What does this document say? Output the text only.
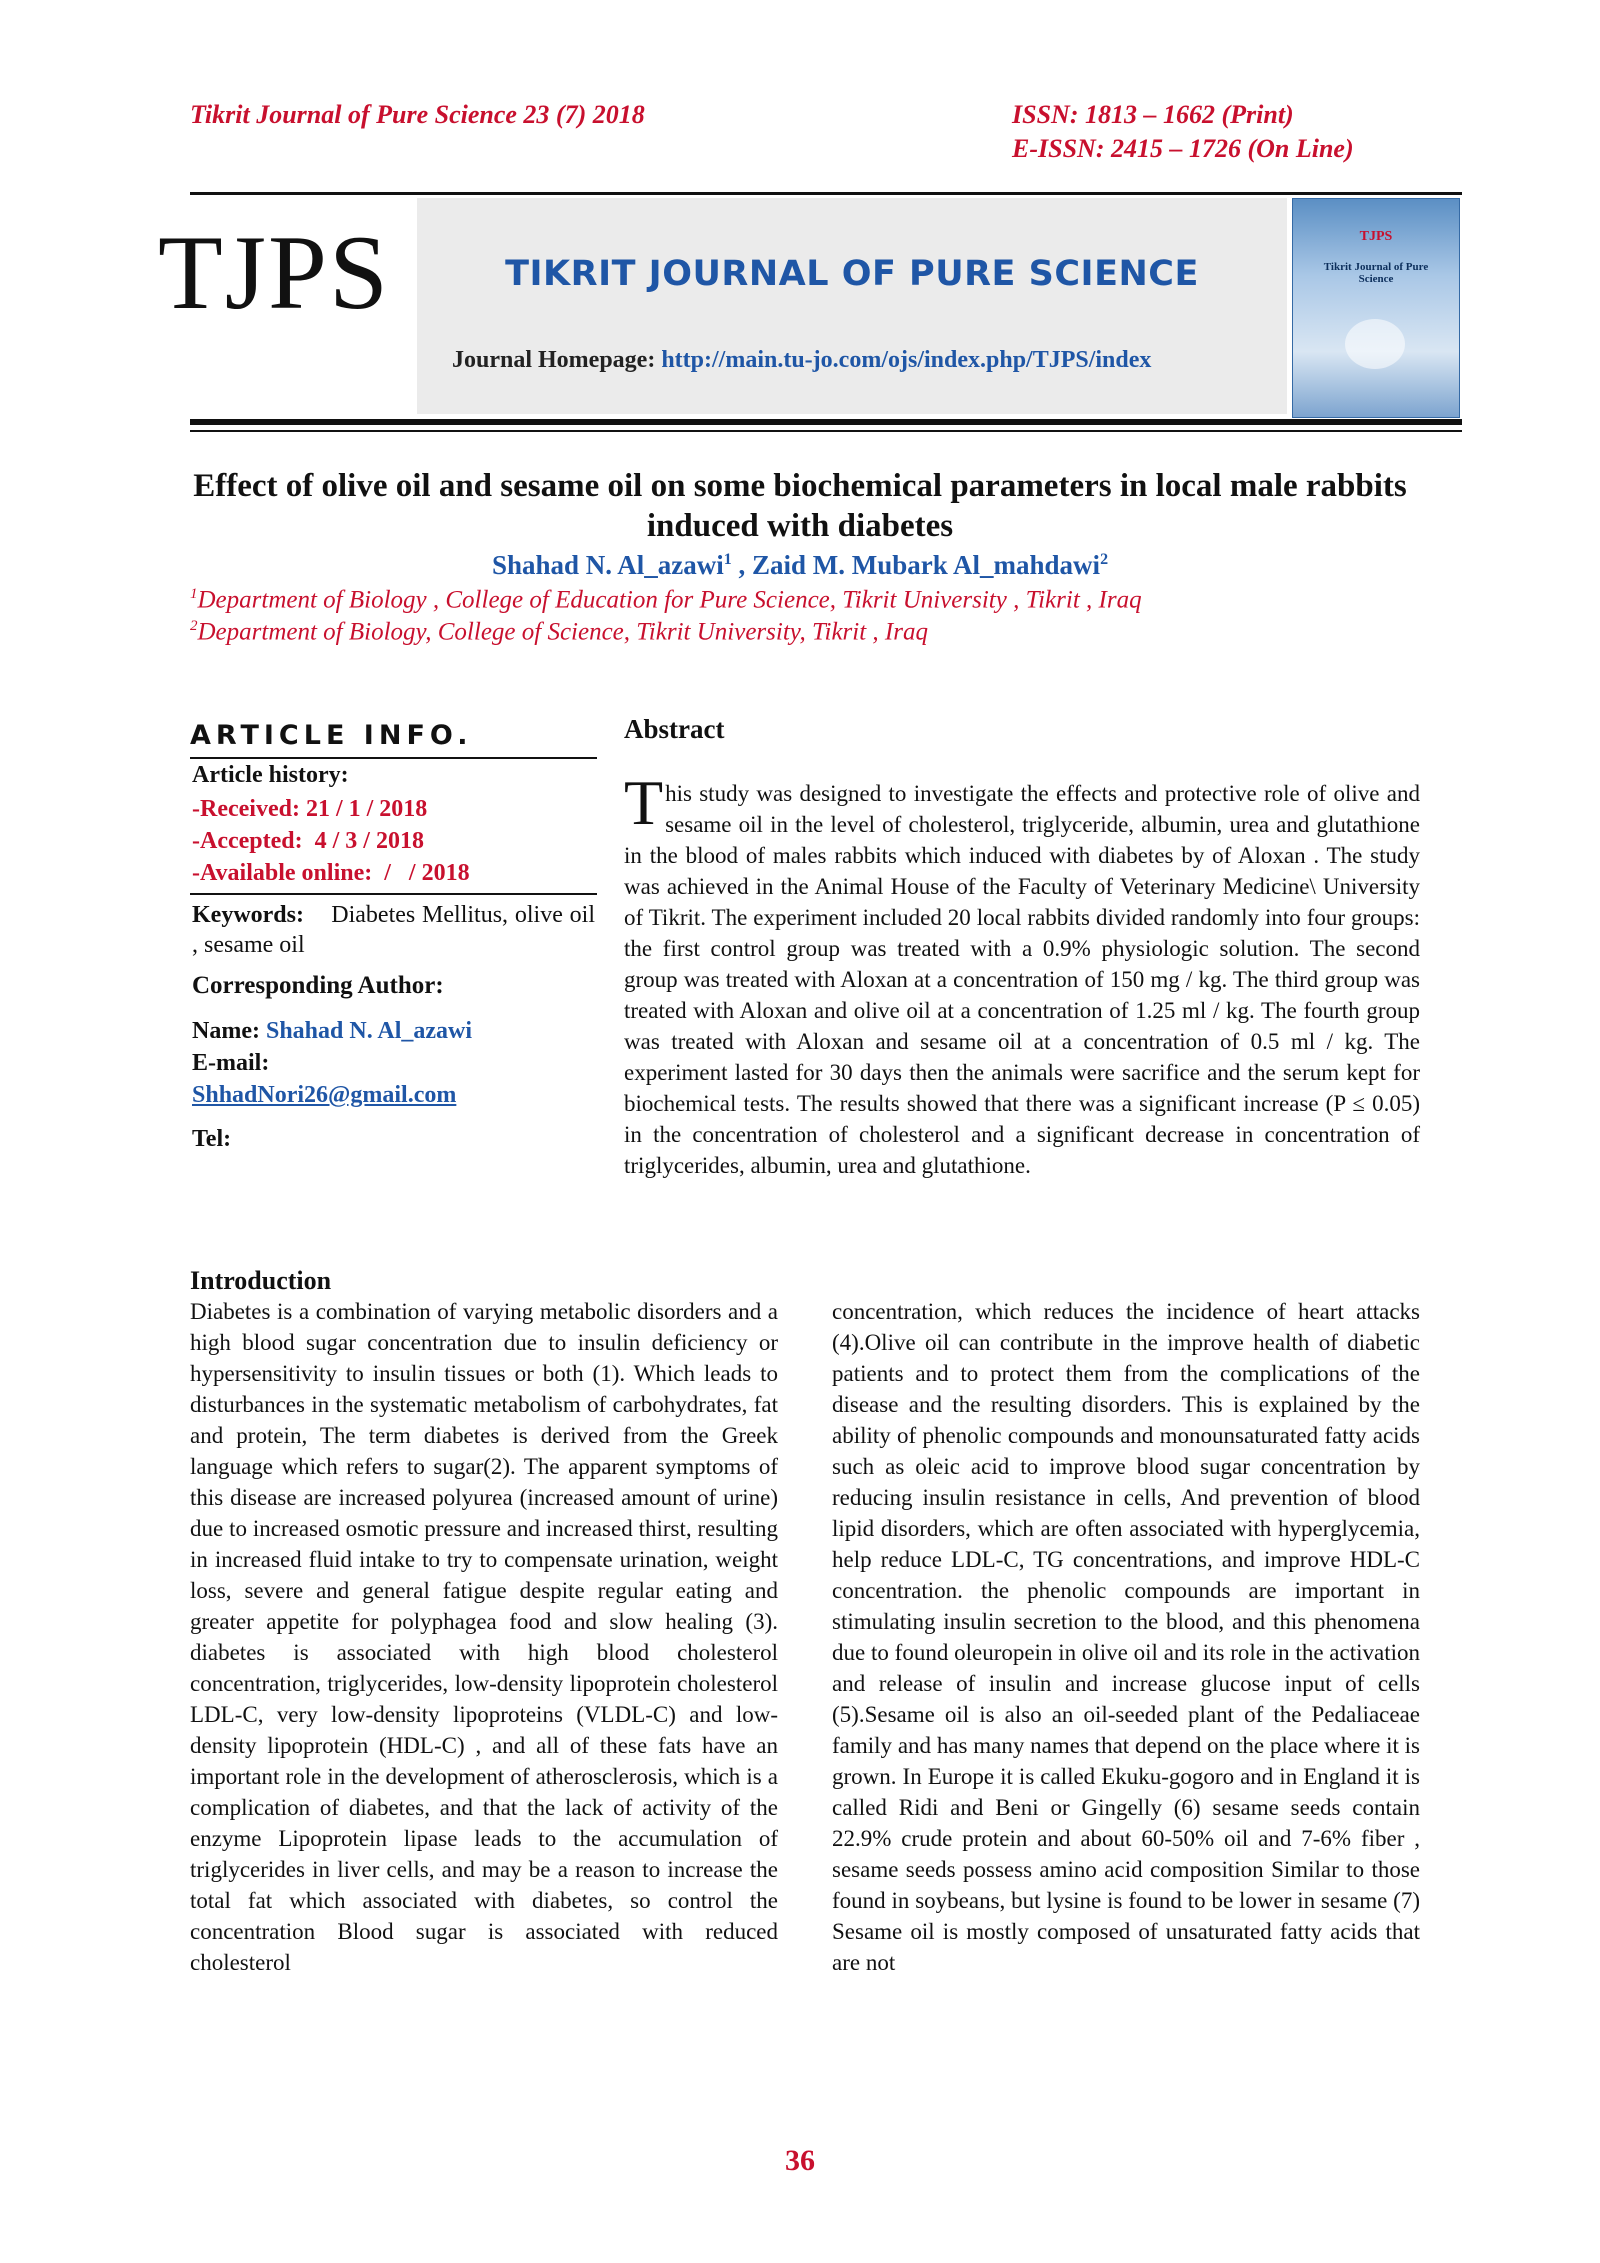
Tikrit Journal of Pure Science 23 (7) 2018	ISSN: 1813 – 1662 (Print)
E-ISSN: 2415 – 1726 (On Line)
TJPS	TIKRIT JOURNAL OF PURE SCIENCE
Journal Homepage: http://main.tu-jo.com/ojs/index.php/TJPS/index
TJPS
Tikrit Journal of Pure Science
Effect of olive oil and sesame oil on some biochemical parameters in local male rabbits induced with diabetes
Shahad N. Al_azawi$^1$ , Zaid M. Mubark Al_mahdawi$^2$
$^1$Department of Biology , College of Education for Pure Science, Tikrit University , Tikrit , Iraq
$^2$Department of Biology, College of Science, Tikrit University, Tikrit , Iraq
ARTICLE INFO.
Article history:
-Received: 21 / 1 / 2018
-Accepted: 4 / 3 / 2018
-Available online: /   / 2018
Keywords: Diabetes Mellitus, olive oil , sesame oil
Corresponding Author:
Name: Shahad N. Al_azawi
E-mail:
ShhadNori26@gmail.com
Tel:
Abstract
This study was designed to investigate the effects and protective role of olive and sesame oil in the level of cholesterol, triglyceride, albumin, urea and glutathione in the blood of males rabbits which induced with diabetes by of Aloxan . The study was achieved in the Animal House of the Faculty of Veterinary Medicine\ University of Tikrit. The experiment included 20 local rabbits divided randomly into four groups: the first control group was treated with a 0.9% physiologic solution. The second group was treated with Aloxan at a concentration of 150 mg / kg. The third group was treated with Aloxan and olive oil at a concentration of 1.25 ml / kg. The fourth group was treated with Aloxan and sesame oil at a concentration of 0.5 ml / kg. The experiment lasted for 30 days then the animals were sacrifice and the serum kept for biochemical tests. The results showed that there was a significant increase (P ≤ 0.05) in the concentration of cholesterol and a significant decrease in concentration of triglycerides, albumin, urea and glutathione.
Introduction
Diabetes is a combination of varying metabolic disorders and a high blood sugar concentration due to insulin deficiency or hypersensitivity to insulin tissues or both (1). Which leads to disturbances in the systematic metabolism of carbohydrates, fat and protein, The term diabetes is derived from the Greek language which refers to sugar(2). The apparent symptoms of this disease are increased polyurea (increased amount of urine) due to increased osmotic pressure and increased thirst, resulting in increased fluid intake to try to compensate urination, weight loss, severe and general fatigue despite regular eating and greater appetite for polyphagea food and slow healing (3). diabetes is associated with high blood cholesterol concentration, triglycerides, low-density lipoprotein cholesterol LDL-C, very low-density lipoproteins (VLDL-C) and low-density lipoprotein (HDL-C) , and all of these fats have an important role in the development of atherosclerosis, which is a complication of diabetes, and that the lack of activity of the enzyme Lipoprotein lipase leads to the accumulation of triglycerides in liver cells, and may be a reason to increase the total fat which associated with diabetes, so control the concentration Blood sugar is associated with reduced cholesterol
concentration, which reduces the incidence of heart attacks (4).Olive oil can contribute in the improve health of diabetic patients and to protect them from the complications of the disease and the resulting disorders. This is explained by the ability of phenolic compounds and monounsaturated fatty acids such as oleic acid to improve blood sugar concentration by reducing insulin resistance in cells, And prevention of blood lipid disorders, which are often associated with hyperglycemia, help reduce LDL-C, TG concentrations, and improve HDL-C concentration. the phenolic compounds are important in stimulating insulin secretion to the blood, and this phenomena due to found oleuropein in olive oil and its role in the activation and release of insulin and increase glucose input of cells (5).Sesame oil is also an oil-seeded plant of the Pedaliaceae family and has many names that depend on the place where it is grown. In Europe it is called Ekuku-gogoro and in England it is called Ridi and Beni or Gingelly (6) sesame seeds contain 22.9% crude protein and about 60-50% oil and 7-6% fiber , sesame seeds possess amino acid composition Similar to those found in soybeans, but lysine is found to be lower in sesame (7) Sesame oil is mostly composed of unsaturated fatty acids that are not
36
